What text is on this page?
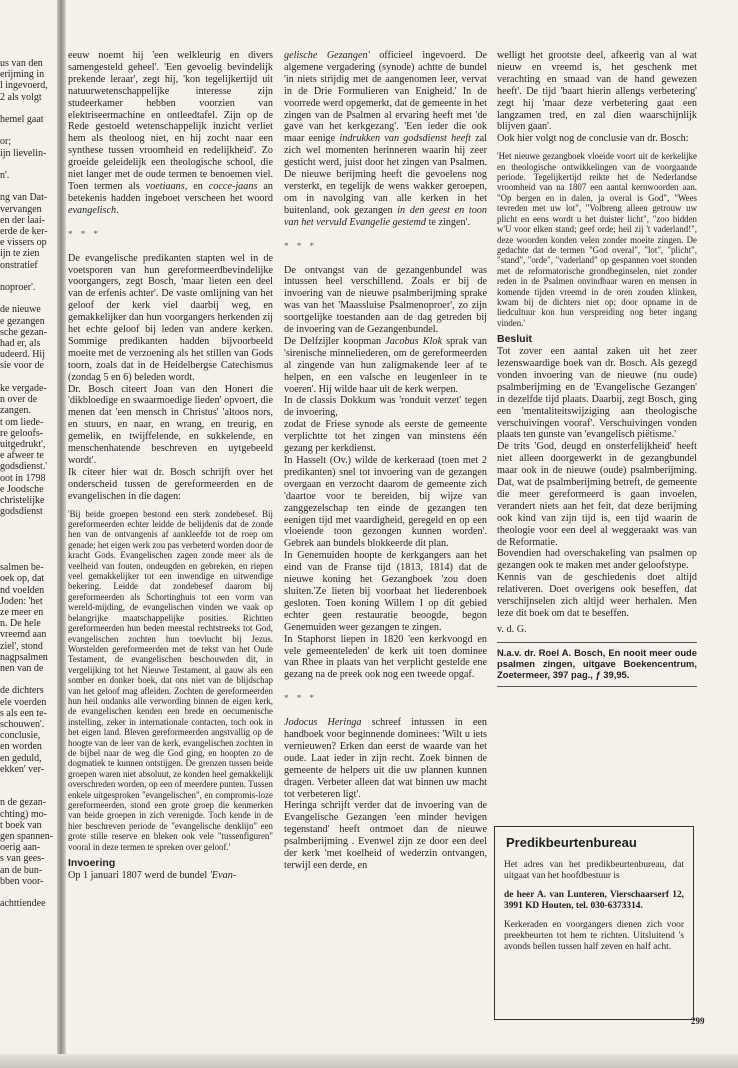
us van den
erijming in
l ingevoerd,
2 als volgt

hemel gaat

or;
ijn lievelin-

n'.

ng van Dat-
vervangen
en der laai-
erde de ker-
e vissers op
ijn te zien
onstratief

noproer'.

de nieuwe
e gezangen
sche gezan-
had er, als
udeerd. Hij
sie voor de

ke vergade-
n over de
zangen.
t om liede-
re geloofs-
uitgedrukt',
e afweer te
godsdienst.'
oot in 1798
e Joodsche
christelijke
godsdienst

salmen be-
oek op, dat
nd voelden
Joden: 'het
ze meer en
n. De hele
vreemd aan
ziel', stond
nagpsalmen
nen van de

de dichters
ele voerden
s als een te-
schouwen'.
conclusie,
en worden
en geduld,
ekken' ver-

n de gezan-
chting) mo-
t boek van
gen spannen-
oerig aan-
s van gees-
an de bun-
bben voor-

achttiendee

eeuw noemt hij 'een welkleurig en divers samengesteld geheel'. 'Een gevoelig bevindelijk prekende leraar', zegt hij, 'kon tegelijkertijd uit natuurwetenschappelijke interesse zijn studeerkamer hebben voorzien van elektriseermachine en ontleedtafel. Zijn op de Rede gestoeld wetenschappelijk inzicht verliet hem als theoloog niet, en hij zocht naar een synthese tussen vroomheid en redelijkheid'. Zo groeide geleidelijk een theologische school, die niet langer met de oude termen te benoemen viel. Toen termen als voetiaans, en cocce-jaans an betekenis hadden ingeboet verscheen het woord evangelisch.

* * *

De evangelische predikanten stapten wel in de voetsporen van hun gereformeerdbevindelijke voorgangers, zegt Bosch, 'maar lieten een deel van de erfenis achter'. De vaste omlijning van het geloof der kerk viel daarbij weg, en gemakkelijker dan hun voorgangers herkenden zij het echte geloof bij leden van andere kerken. Sommige predikanten hadden bijvoorbeeld moeite met de verzoening als het stillen van Gods toorn, zoals dat in de Heidelbergse Catechismus (zondag 5 en 6) beleden wordt.

Dr. Bosch citeert Joan van den Honert die 'dikbloedige en swaarmoedige lieden' opvoert, die menen dat 'een mensch in Christus' 'altoos nors, en stuurs, en naar, en wrang, en treurig, en gemelik, en twijffelende, en sukkelende, en menschenhatende beschreven en uytgebeeld wordt'.

Ik citeer hier wat dr. Bosch schrijft over het onderscheid tussen de gereformeerden en de evangelischen in die dagen:

'Bij beide groepen bestond een sterk zondebesef. Bij gereformeerden echter leidde de belijdenis dat de zonde hen van de ontvangenis af aankleefde tot de roep om genade; het eigen werk zou pas verbeterd worden door de kracht Gods. Evangelischen zagen zonde meer als de veelheid van fouten, ondeugden en gebreken, en riepen veel gemakkelijker tot een inwendige en uitwendige bekering. Leidde dat zondebesef daarom bij gereformeerden als Schortinghuis tot een vorm van wereld-mijding, de evangelischen vinden we vaak op belangrijke maatschappelijke posities. Richtten gereformeerden hun beden meestal rechtstreeks tot God, evangelischen zochten hun toevlucht bij Jezus. Worstelden gereformeerden met de tekst van het Oude Testament, de evangelischen beschouwden dit, in vergelijking tot het Nieuwe Testament, al gauw als een somber en donker boek, dat ons niet van de blijdschap van het geloof mag afleiden. Zochten de gereformeerden hun heil ondanks alle verwording binnen de eigen kerk, de evangelischen kenden een brede en oecumenische instelling, zeker in internationale contacten, toch ook in het eigen land. Bleven gereformeerden angstvallig op de hoogte van de leer van de kerk, evangelischen zochten in de bijbel naar de weg die God ging, en hoopten zo de dogmatiek te kunnen ontstijgen. De grenzen tussen beide groepen waren niet absoluut, ze konden heel gemakkelijk overschreden worden, op een of meerdere punten. Tussen enkele uitgesproken "evangelischen", en compromis-loze gereformeerden, stond een grote groep die kenmerken van beide groepen in zich verenigde. Toch kende in de hier beschreven periode de "evangelische denklijn" een grote stille reserve en bleken ook vele "tussenfiguren" vooral in deze termen te spreken over geloof.'

Invoering

Op 1 januari 1807 werd de bundel 'Evan-

gelische Gezangen' officieel ingevoerd. De algemene vergadering (synode) achtte de bundel 'in niets strijdig met de aangenomen leer, vervat in de Drie Formulieren van Enigheid.' In de voorrede werd opgemerkt, dat de gemeente in het zingen van de Psalmen al ervaring heeft met 'de gave van het kerkgezang'. 'Een ieder die ook maar eenige indrukken van godsdienst heeft zal zich wel momenten herinneren waarin hij zeer gesticht werd, juist door het zingen van Psalmen. De nieuwe berijming heeft die gevoelens nog versterkt, en tegelijk de wens wakker geroepen, om in navolging van alle kerken in het buitenland, ook gezangen in den geest en toon van het vervuld Evangelie gestemd te zingen'.

* * *

De ontvangst van de gezangenbundel was intussen heel verschillend. Zoals er bij de invoering van de nieuwe psalmberijming sprake was van het 'Maassluise Psalmenoproer', zo zijn soortgelijke toestanden aan de dag getreden bij de invoering van de Gezangenbundel.

De Delfzijler koopman Jacobus Klok sprak van 'sirenische minneliederen, om de gereformeerden al zingende van hun zaligmakende leer af te helpen, en een valsche en leugenleer in te voeren'. Hij wilde haar uit de kerk werpen.

In de classis Dokkum was 'ronduit verzet' tegen de invoering,

zodat de Friese synode als eerste de gemeente verplichtte tot het zingen van minstens één gezang per kerkdienst.

In Hasselt (Ov.) wilde de kerkeraad (toen met 2 predikanten) snel tot invoering van de gezangen overgaan en verzocht daarom de gemeente zich 'daartoe voor te bereiden, bij wijze van zanggezelschap ten einde de gezangen ten eenigen tijd met vaardigheid, geregeld en op een vloeiende toon gezongen kunnen worden'. Gebrek aan bundels blokkeerde dit plan.

In Genemuiden hoopte de kerkgangers aan het eind van de Franse tijd (1813, 1814) dat de nieuwe koning het Gezangboek 'zou doen sluiten.'Ze lieten bij voorbaat het liederenboek gesloten. Toen koning Willem I op dit gebied echter geen restauratie beoogde, begon Genemuiden weer gezangen te zingen.

In Staphorst liepen in 1820 'een kerkvoogd en vele gemeenteleden' de kerk uit toen dominee van Rhee in plaats van het verplicht gestelde ene gezang na de preek ook nog een tweede opgaf.

* * *

Jodocus Heringa schreef intussen in een handboek voor beginnende dominees: 'Wilt u iets vernieuwen? Erken dan eerst de waarde van het oude. Laat ieder in zijn recht. Zoek binnen de gemeente de helpers uit die uw plannen kunnen dragen. Verbeter alleen dat wat binnen uw macht tot verbeteren ligt'.

Heringa schrijft verder dat de invoering van de Evangelische Gezangen 'een minder hevigen tegenstand' heeft ontmoet dan de nieuwe psalmberijming . Evenwel zijn ze door een deel der kerk 'met koelheid of wederzin ontvangen, terwijl een derde, en

welligt het grootste deel, afkeerig van al wat nieuw en vreemd is, het geschenk met verachting en smaad van de hand gewezen heeft'. De tijd 'baart hierin allengs verbetering' zegt hij 'maar deze verbetering gaat een langzamen tred, en zal dien waarschijnlijk blijven gaan'.

Ook hier volgt nog de conclusie van dr. Bosch:

'Het nieuwe gezangboek vloeide voort uit de kerkelijke en theologische ontwikkelingen van de voorgaande periode. Tegelijkertijd reikte het de Nederlandse vroomheid van na 1807 een aantal kernwoorden aan. "Op bergen en in dalen, ja overal is God", "Wees tevreden met uw lot", "Volbreng alleen getrouw uw plicht en eens wordt u het duister licht", "zoo bidden w'U voor elken stand; geef orde; heil zij 't vaderland!", deze woorden konden velen zonder moeite zingen. De gedachte dat de termen "God overal", "lot", "plicht", "stand", "orde", "vaderland" op gespannen voet stonden met de reformatorische grondbeginselen, niet zonder reden in de Psalmen onvindbaar waren en mensen in komende tijden vreemd in de oren zouden klinken, kwam bij de dichters niet op; door opname in de liedcultuur kon hun verspreiding nog beter ingang vinden.'

Besluit

Tot zover een aantal zaken uit het zeer lezenswaardige boek van dr. Bosch. Als gezegd vonden invoering van de nieuwe (nu oude) psalmberijming en de 'Evangelische Gezangen' in dezelfde tijd plaats. Daarbij, zegt Bosch, ging een 'mentaliteitswijziging aan theologische verschuivingen vooraf'. Verschuivingen vonden plaats ten gunste van 'evangelisch piëtisme.'

De trits 'God, deugd en onsterfelijkheid' heeft niet alleen doorgewerkt in de gezangbundel maar ook in de nieuwe (oude) psalmberijming. Dat, wat de psalmberijming betreft, de gemeente die meer gereformeerd is gaan invoelen, verandert niets aan het feit, dat deze berijming ook kind van zijn tijd is, een tijd waarin de theologie voor een deel al weggeraakt was van de Reformatie.

Bovendien had overschakeling van psalmen op gezangen ook te maken met ander geloofstype.

Kennis van de geschiedenis doet altijd relativeren. Doet overigens ook beseffen, dat verschijnselen zich altijd weer herhalen. Men leze dit boek om dat te beseffen.

v. d. G.

N.a.v. dr. Roel A. Bosch, En nooit meer oude psalmen zingen, uitgave Boekencentrum, Zoetermeer, 397 pag., ƒ 39,95.

Predikbeurtenbureau

Het adres van het predikbeurtenbureau, dat uitgaat van het hoofdbestuur is

de heer A. van Lunteren, Vierschaarserf 12, 3991 KD Houten, tel. 030-6373314.

Kerkeraden en voorgangers dienen zich voor preekbeurten tot hem te richten. Uitsluitend 's avonds bellen tussen half zeven en half acht.

299
